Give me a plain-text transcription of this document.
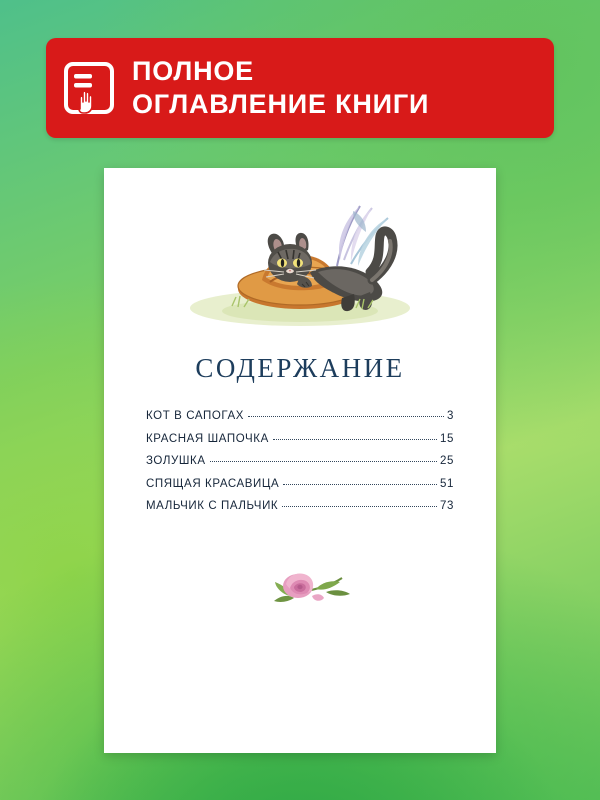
ПОЛНОЕ
ОГЛАВЛЕНИЕ КНИГИ
СОДЕРЖАНИЕ
КОТ В САПОГАХ	3
КРАСНАЯ ШАПОЧКА	15
ЗОЛУШКА	25
СПЯЩАЯ КРАСАВИЦА	51
МАЛЬЧИК С ПАЛЬЧИК	73
